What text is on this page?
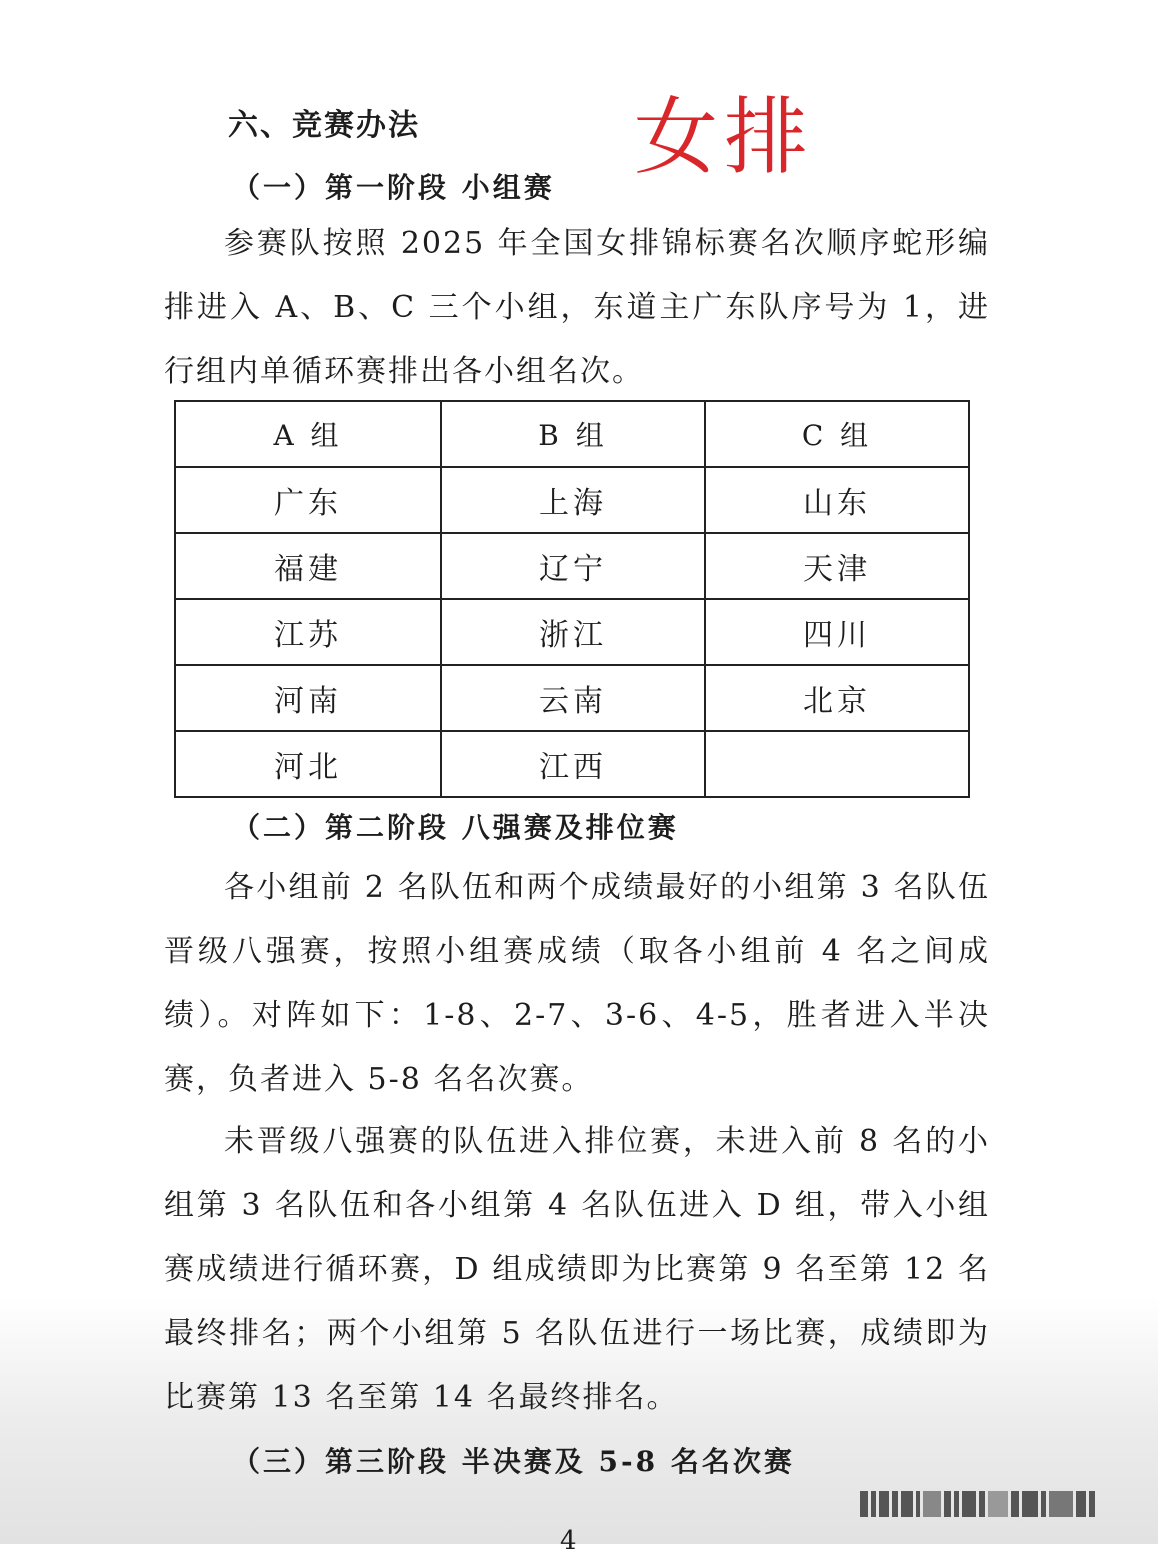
六、竞赛办法	女排
（一）第一阶段 小组赛
参赛队按照 2025 年全国女排锦标赛名次顺序蛇形编排进入 A、B、C 三个小组，东道主广东队序号为 1，进行组内单循环赛排出各小组名次。
A 组	B 组	C 组
广东	上海	山东
福建	辽宁	天津
江苏	浙江	四川
河南	云南	北京
河北	江西	
（二）第二阶段 八强赛及排位赛
各小组前 2 名队伍和两个成绩最好的小组第 3 名队伍晋级八强赛，按照小组赛成绩（取各小组前 4 名之间成绩）。对阵如下：1-8、2-7、3-6、4-5，胜者进入半决赛，负者进入 5-8 名名次赛。
未晋级八强赛的队伍进入排位赛，未进入前 8 名的小组第 3 名队伍和各小组第 4 名队伍进入 D 组，带入小组赛成绩进行循环赛，D 组成绩即为比赛第 9 名至第 12 名最终排名；两个小组第 5 名队伍进行一场比赛，成绩即为比赛第 13 名至第 14 名最终排名。
（三）第三阶段 半决赛及 5-8 名名次赛
4
